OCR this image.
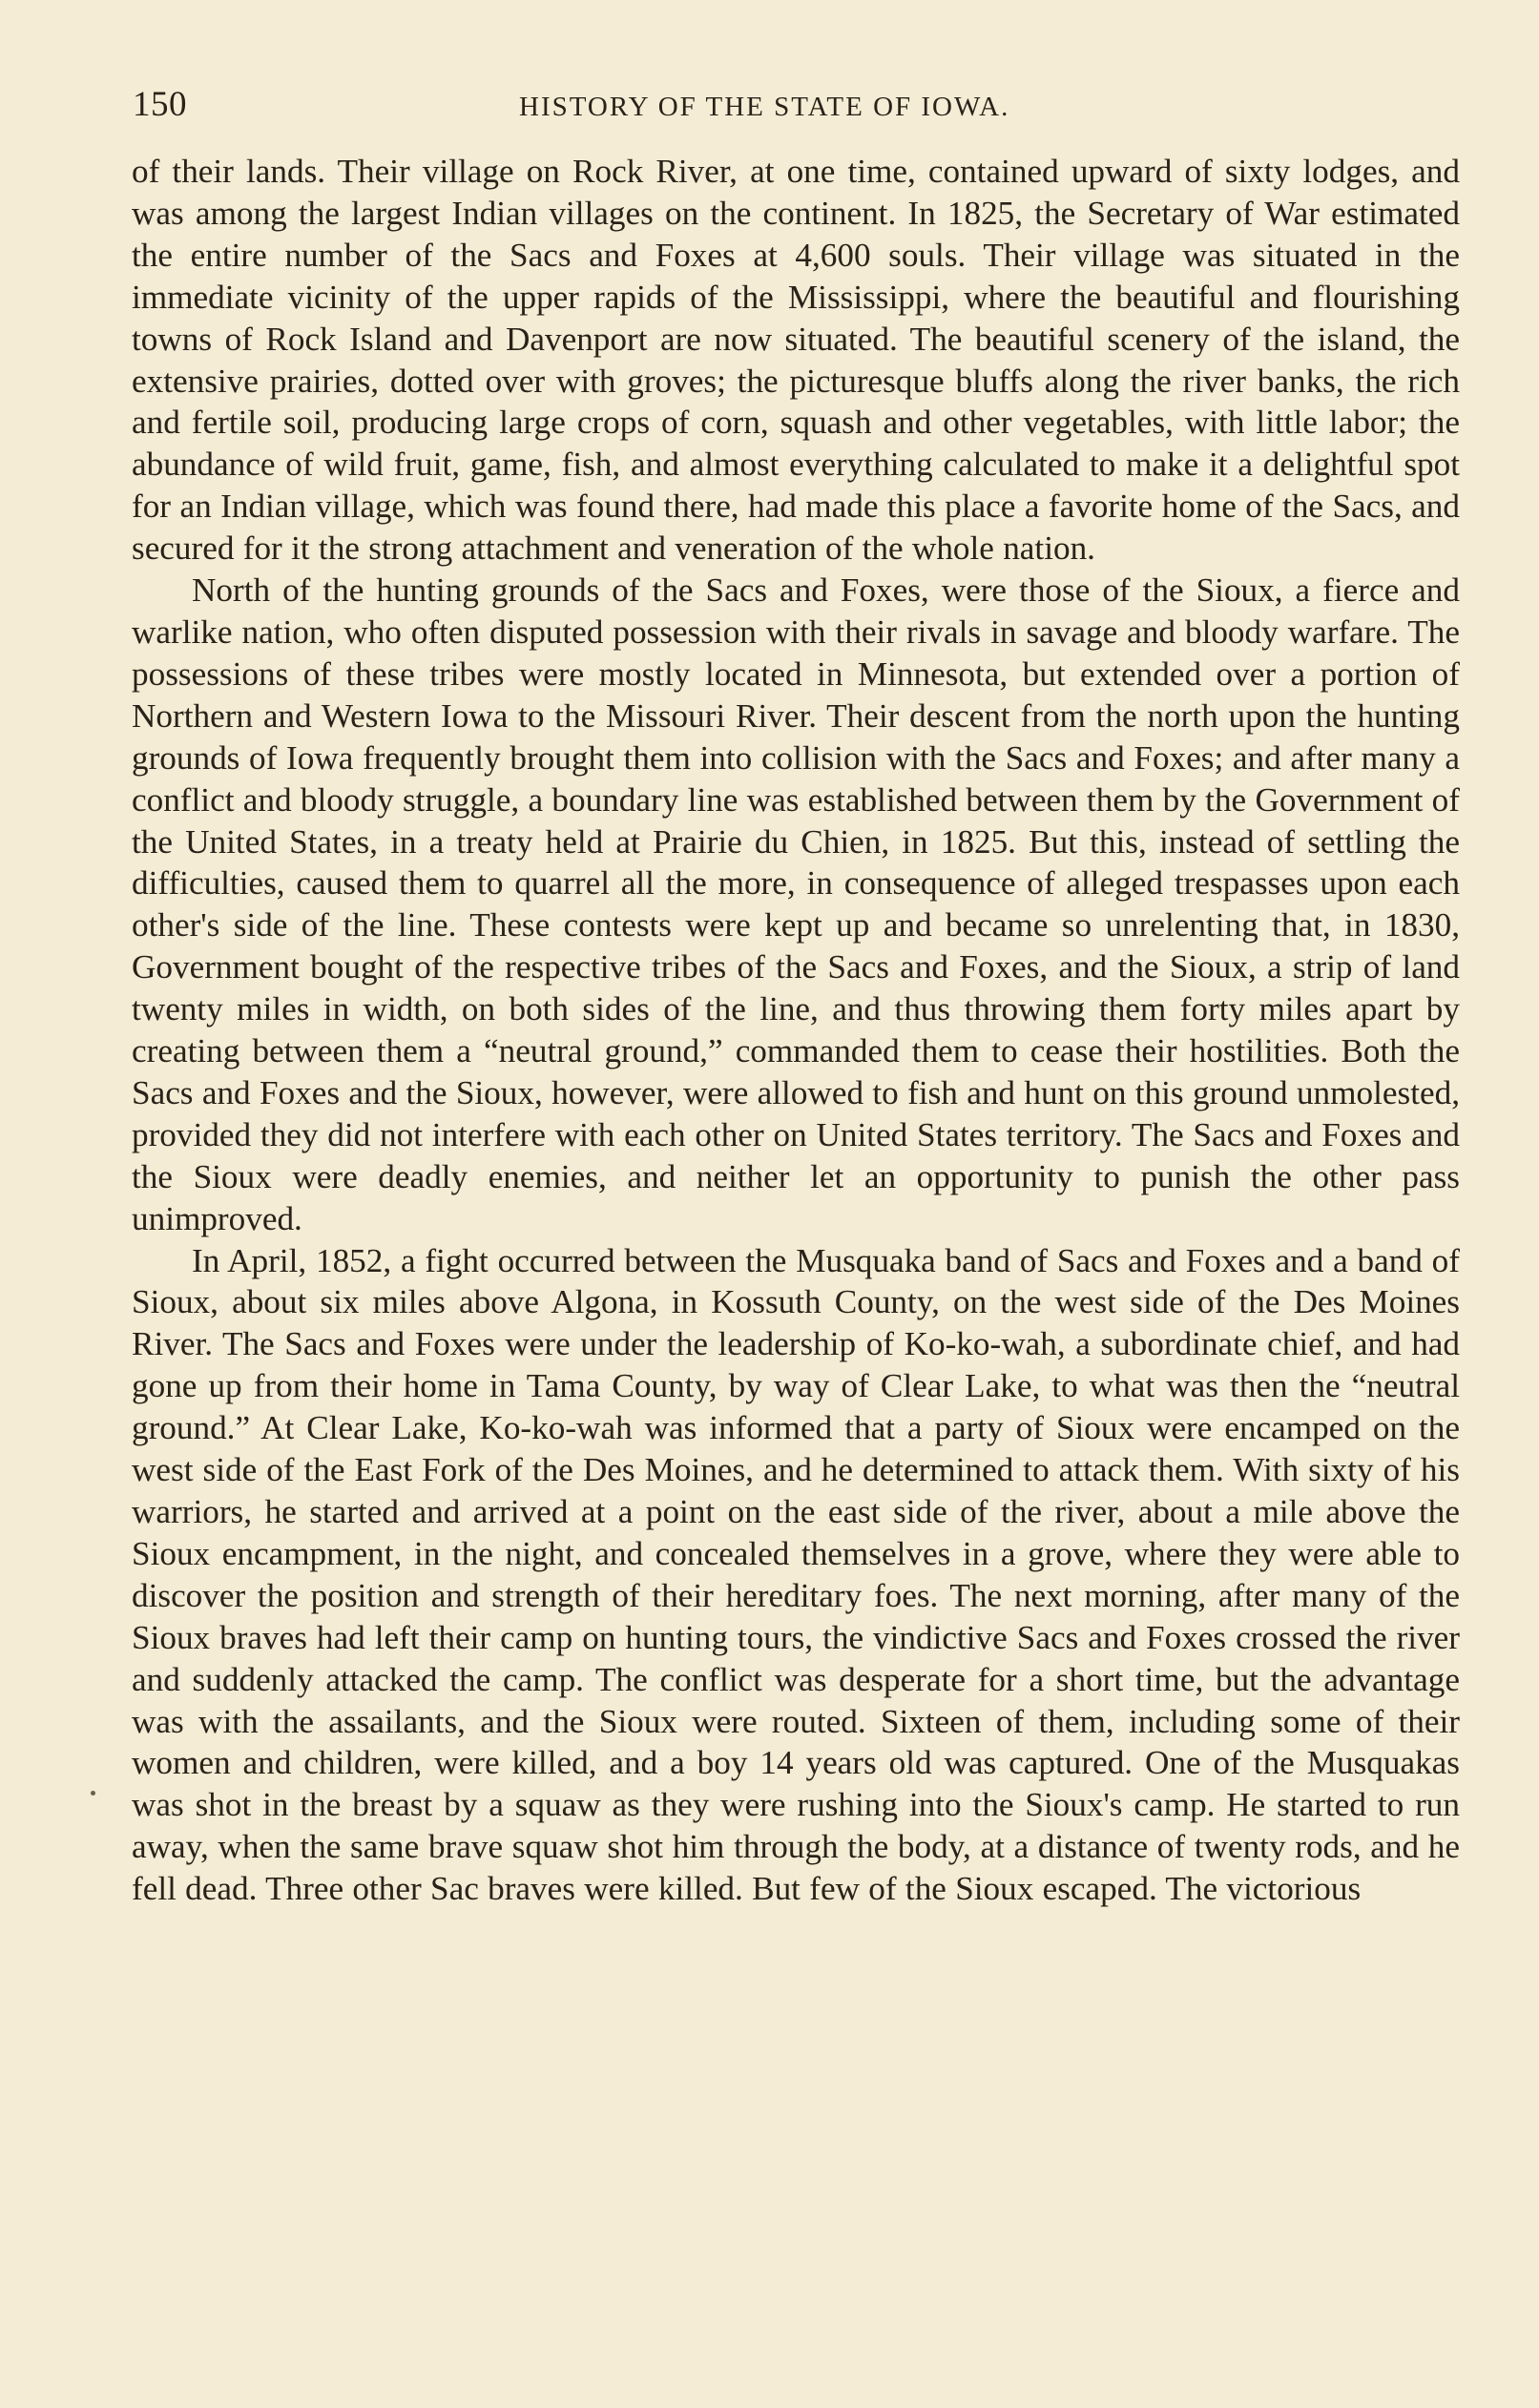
150	HISTORY OF THE STATE OF IOWA.

of their lands. Their village on Rock River, at one time, contained upward of sixty lodges, and was among the largest Indian villages on the continent. In 1825, the Secretary of War estimated the entire number of the Sacs and Foxes at 4,600 souls. Their village was situated in the immediate vicinity of the upper rapids of the Mississippi, where the beautiful and flourishing towns of Rock Island and Davenport are now situated. The beautiful scenery of the island, the extensive prairies, dotted over with groves; the picturesque bluffs along the river banks, the rich and fertile soil, producing large crops of corn, squash and other vegetables, with little labor; the abundance of wild fruit, game, fish, and almost everything calculated to make it a delightful spot for an Indian village, which was found there, had made this place a favorite home of the Sacs, and secured for it the strong attachment and veneration of the whole nation.

North of the hunting grounds of the Sacs and Foxes, were those of the Sioux, a fierce and warlike nation, who often disputed possession with their rivals in savage and bloody warfare. The possessions of these tribes were mostly located in Minnesota, but extended over a portion of Northern and Western Iowa to the Missouri River. Their descent from the north upon the hunting grounds of Iowa frequently brought them into collision with the Sacs and Foxes; and after many a conflict and bloody struggle, a boundary line was established between them by the Government of the United States, in a treaty held at Prairie du Chien, in 1825. But this, instead of settling the difficulties, caused them to quarrel all the more, in consequence of alleged trespasses upon each other's side of the line. These contests were kept up and became so unrelenting that, in 1830, Government bought of the respective tribes of the Sacs and Foxes, and the Sioux, a strip of land twenty miles in width, on both sides of the line, and thus throwing them forty miles apart by creating between them a “neutral ground,” commanded them to cease their hostilities. Both the Sacs and Foxes and the Sioux, however, were allowed to fish and hunt on this ground unmolested, provided they did not interfere with each other on United States territory. The Sacs and Foxes and the Sioux were deadly enemies, and neither let an opportunity to punish the other pass unimproved.

In April, 1852, a fight occurred between the Musquaka band of Sacs and Foxes and a band of Sioux, about six miles above Algona, in Kossuth County, on the west side of the Des Moines River. The Sacs and Foxes were under the leadership of Ko-ko-wah, a subordinate chief, and had gone up from their home in Tama County, by way of Clear Lake, to what was then the “neutral ground.” At Clear Lake, Ko-ko-wah was informed that a party of Sioux were encamped on the west side of the East Fork of the Des Moines, and he determined to attack them. With sixty of his warriors, he started and arrived at a point on the east side of the river, about a mile above the Sioux encampment, in the night, and concealed themselves in a grove, where they were able to discover the position and strength of their hereditary foes. The next morning, after many of the Sioux braves had left their camp on hunting tours, the vindictive Sacs and Foxes crossed the river and suddenly attacked the camp. The conflict was desperate for a short time, but the advantage was with the assailants, and the Sioux were routed. Sixteen of them, including some of their women and children, were killed, and a boy 14 years old was captured. One of the Musquakas was shot in the breast by a squaw as they were rushing into the Sioux's camp. He started to run away, when the same brave squaw shot him through the body, at a distance of twenty rods, and he fell dead. Three other Sac braves were killed. But few of the Sioux escaped. The victorious
